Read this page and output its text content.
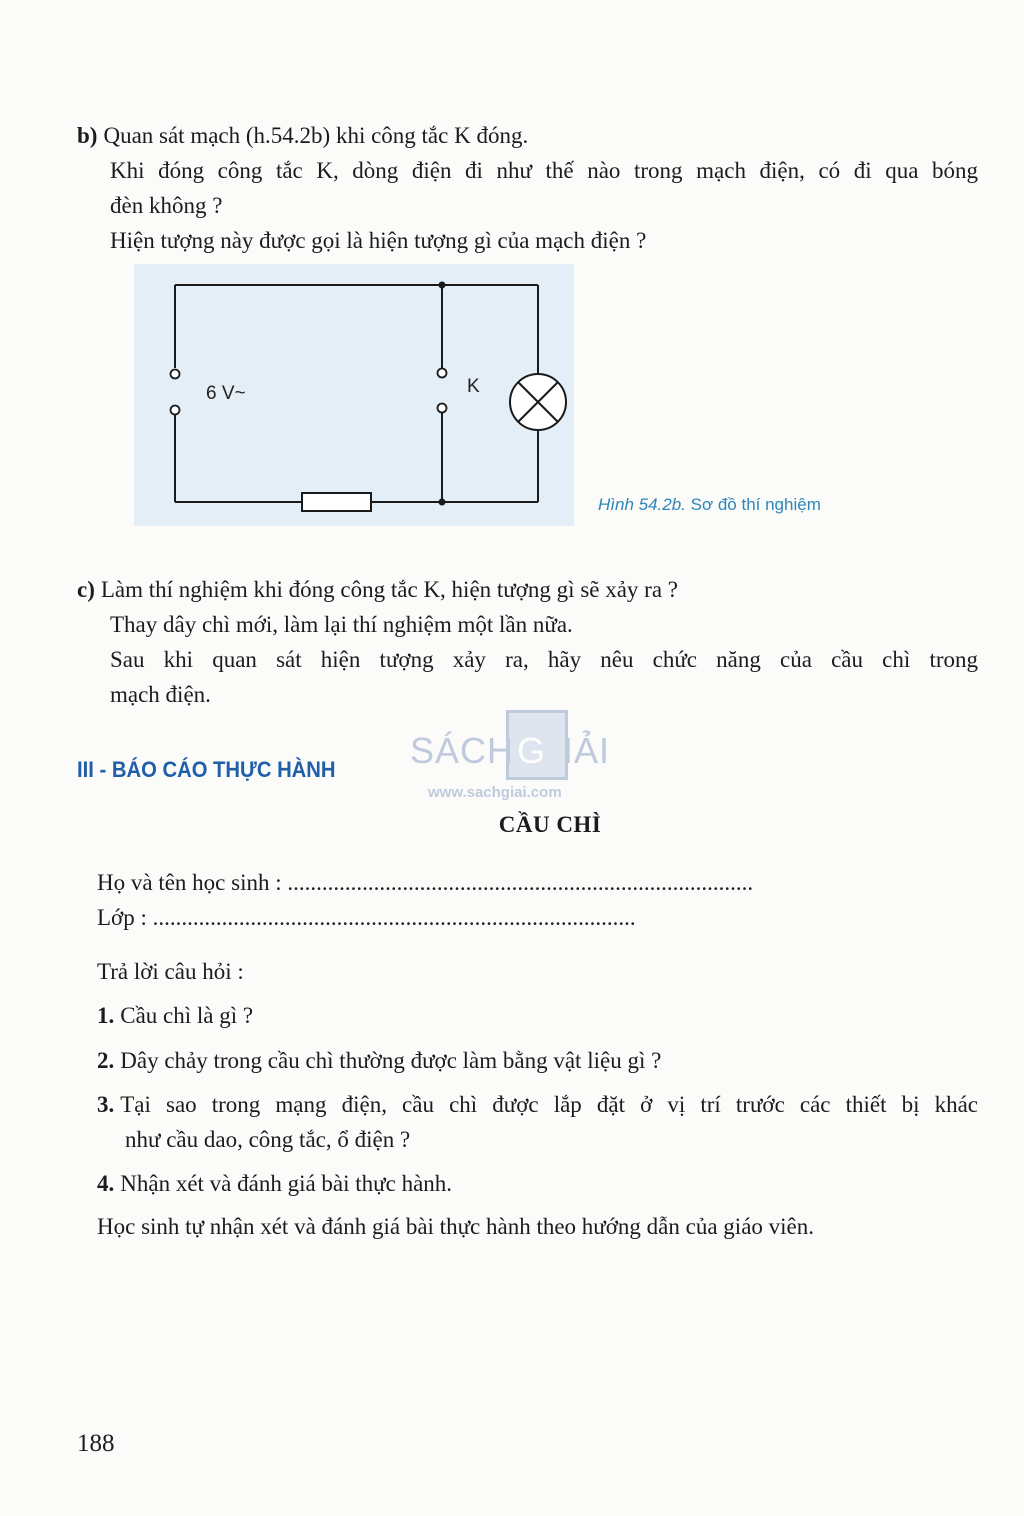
b) Quan sát mạch (h.54.2b) khi công tắc K đóng.
Khi đóng công tắc K, dòng điện đi như thế nào trong mạch điện, có đi qua bóng
đèn không ?
Hiện tượng này được gọi là hiện tượng gì của mạch điện ?
6 V~	K
Hình 54.2b. Sơ đồ thí nghiệm
c) Làm thí nghiệm khi đóng công tắc K, hiện tượng gì sẽ xảy ra ?
Thay dây chì mới, làm lại thí nghiệm một lần nữa.
Sau khi quan sát hiện tượng xảy ra, hãy nêu chức năng của cầu chì trong
mạch điện.
SÁCH G IẢI
www.sachgiai.com
III - BÁO CÁO THỰC HÀNH
CẦU CHÌ
Họ và tên học sinh : .................................................................................
Lớp : ....................................................................................
Trả lời câu hỏi :
1. Cầu chì là gì ?
2. Dây chảy trong cầu chì thường được làm bằng vật liệu gì ?
3. Tại sao trong mạng điện, cầu chì được lắp đặt ở vị trí trước các thiết bị khác
như cầu dao, công tắc, ổ điện ?
4. Nhận xét và đánh giá bài thực hành.
Học sinh tự nhận xét và đánh giá bài thực hành theo hướng dẫn của giáo viên.
188
